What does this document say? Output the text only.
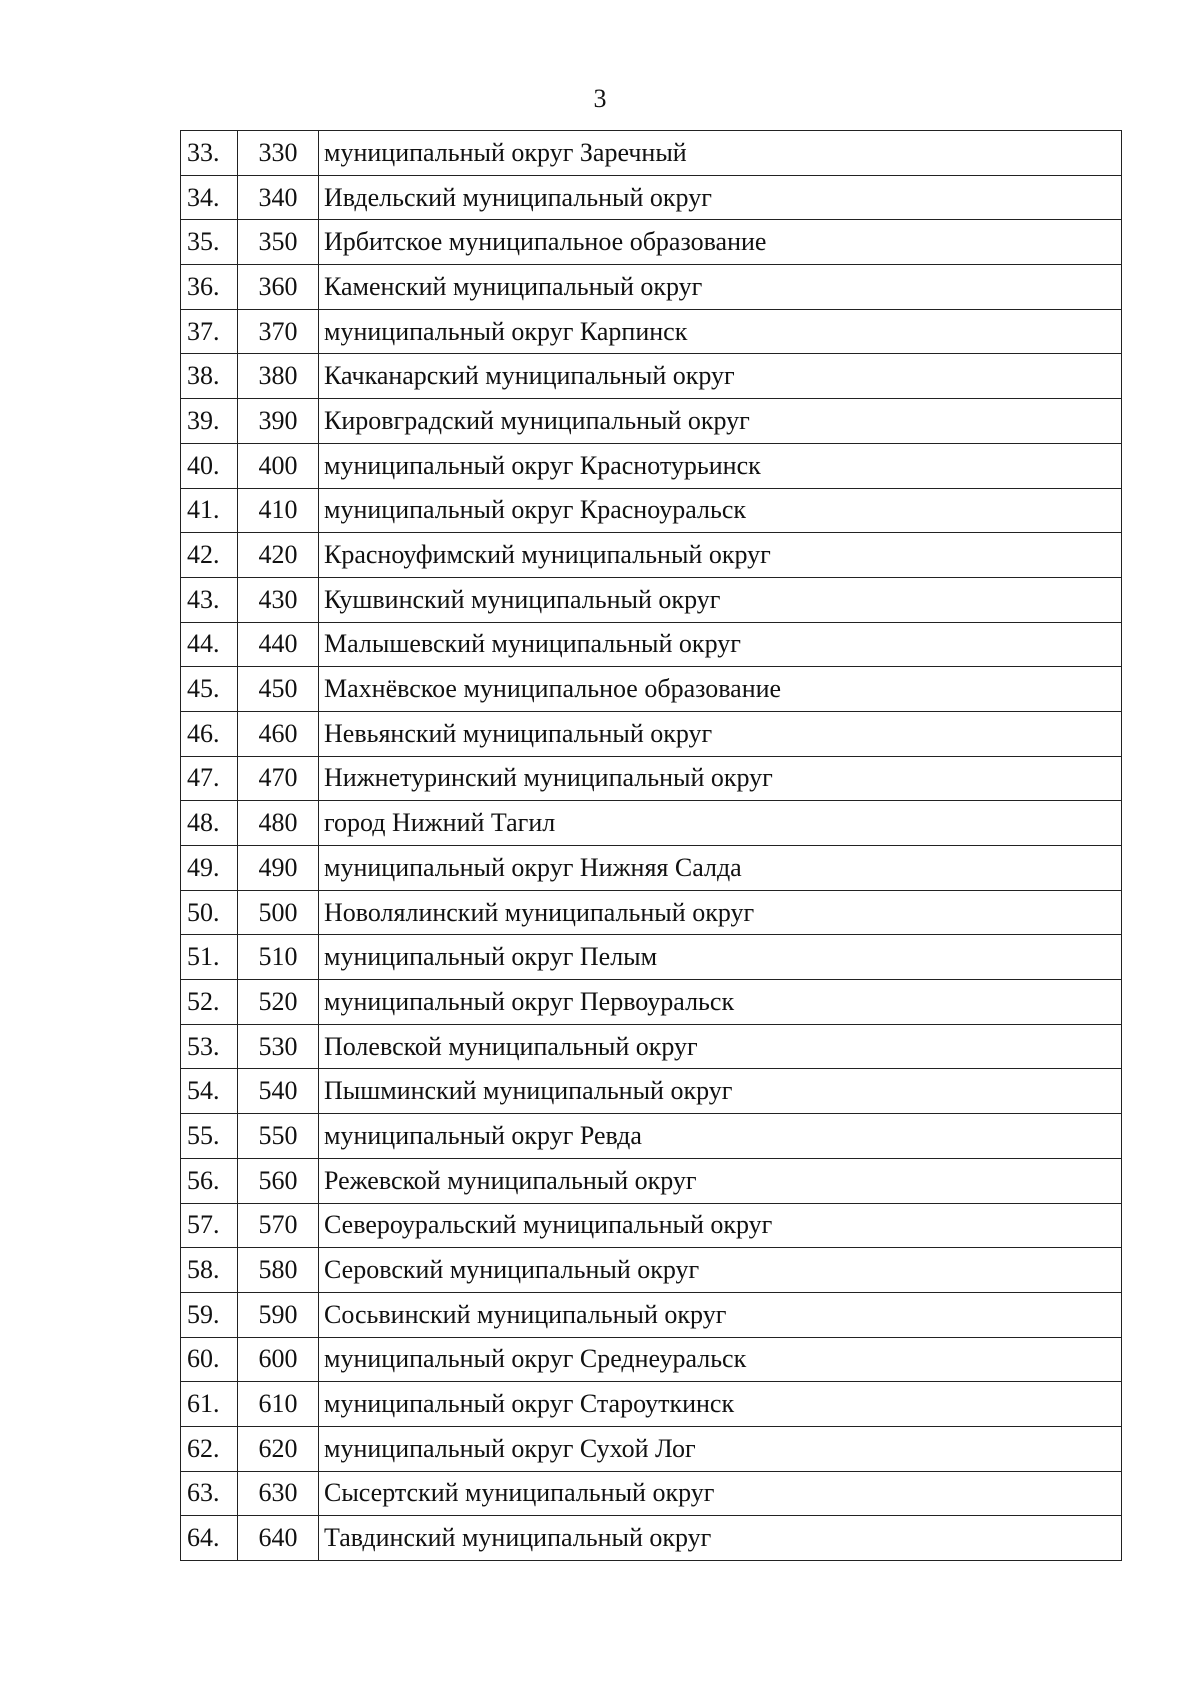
3
33.	330	муниципальный округ Заречный
34.	340	Ивдельский муниципальный округ
35.	350	Ирбитское муниципальное образование
36.	360	Каменский муниципальный округ
37.	370	муниципальный округ Карпинск
38.	380	Качканарский муниципальный округ
39.	390	Кировградский муниципальный округ
40.	400	муниципальный округ Краснотурьинск
41.	410	муниципальный округ Красноуральск
42.	420	Красноуфимский муниципальный округ
43.	430	Кушвинский муниципальный округ
44.	440	Малышевский муниципальный округ
45.	450	Махнёвское муниципальное образование
46.	460	Невьянский муниципальный округ
47.	470	Нижнетуринский муниципальный округ
48.	480	город Нижний Тагил
49.	490	муниципальный округ Нижняя Салда
50.	500	Новолялинский муниципальный округ
51.	510	муниципальный округ Пелым
52.	520	муниципальный округ Первоуральск
53.	530	Полевской муниципальный округ
54.	540	Пышминский муниципальный округ
55.	550	муниципальный округ Ревда
56.	560	Режевской муниципальный округ
57.	570	Североуральский муниципальный округ
58.	580	Серовский муниципальный округ
59.	590	Сосьвинский муниципальный округ
60.	600	муниципальный округ Среднеуральск
61.	610	муниципальный округ Староуткинск
62.	620	муниципальный округ Сухой Лог
63.	630	Сысертский муниципальный округ
64.	640	Тавдинский муниципальный округ
